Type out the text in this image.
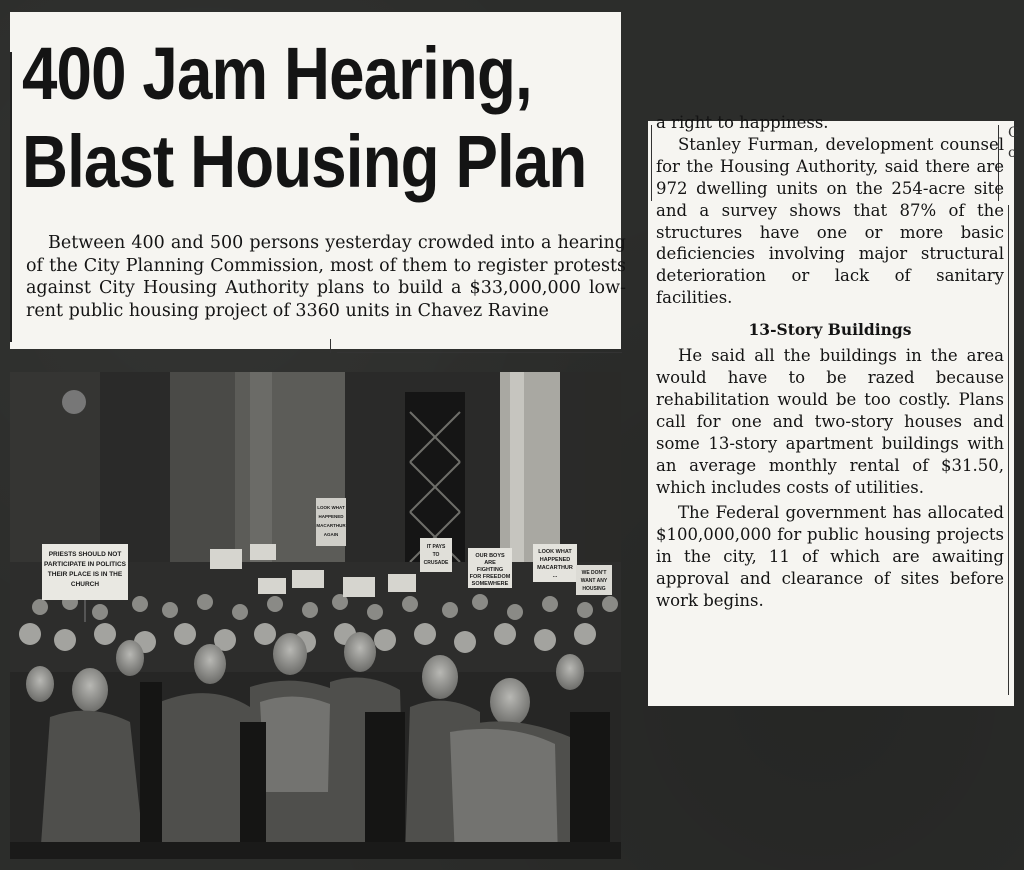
400 Jam Hearing,
Blast Housing Plan

Between 400 and 500 persons yesterday crowded into a hearing of the City Planning Commission, most of them to register protests against City Housing Authority plans to build a $33,000,000 low-rent public housing project of 3360 units in Chavez Ravine

PRIESTS SHOULD NOT
PARTICIPATE IN POLITICS
THEIR PLACE IS IN THE
CHURCH
OUR BOYS
ARE
FIGHTING
FOR FREEDOM
SOMEWHERE
LOOK WHAT
HAPPENED
MACARTHUR
...	WE DON'T
WANT ANY
HOUSING
IT PAYS
TO
CRUSADE
LOOK WHAT
HAPPENED
MACARTHUR
AGAIN
C
c

a right to happiness.

Stanley Furman, development counsel for the Housing Authority, said there are 972 dwelling units on the 254-acre site and a survey shows that 87% of the structures have one or more basic deficiencies involving major structural deterioration or lack of sanitary facilities.

13-Story Buildings

He said all the buildings in the area would have to be razed because rehabilitation would be too costly. Plans call for one and two-story houses and some 13-story apartment buildings with an average monthly rental of $31.50, which includes costs of utilities.

The Federal government has allocated $100,000,000 for public housing projects in the city, 11 of which are awaiting approval and clearance of sites before work begins.
